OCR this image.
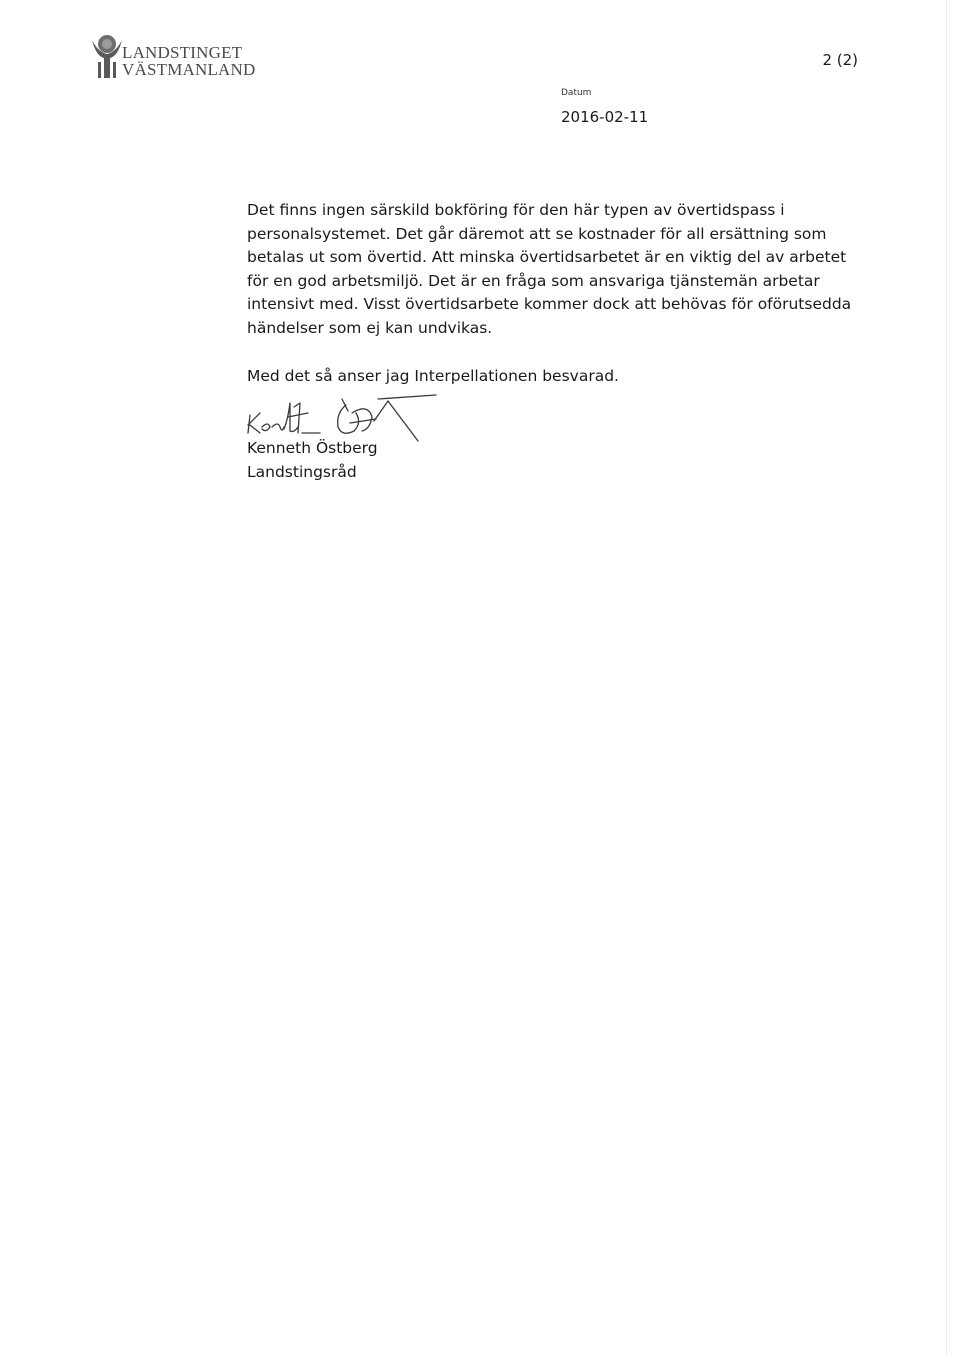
LANDSTINGET
VÄSTMANLAND	2 (2)
Datum
2016-02-11
Det finns ingen särskild bokföring för den här typen av övertidspass i
personalsystemet. Det går däremot att se kostnader för all ersättning som
betalas ut som övertid. Att minska övertidsarbetet är en viktig del av arbetet
för en god arbetsmiljö. Det är en fråga som ansvariga tjänstemän arbetar
intensivt med. Visst övertidsarbete kommer dock att behövas för oförutsedda
händelser som ej kan undvikas.
Med det så anser jag Interpellationen besvarad.
Kenneth Östberg
Landstingsråd
